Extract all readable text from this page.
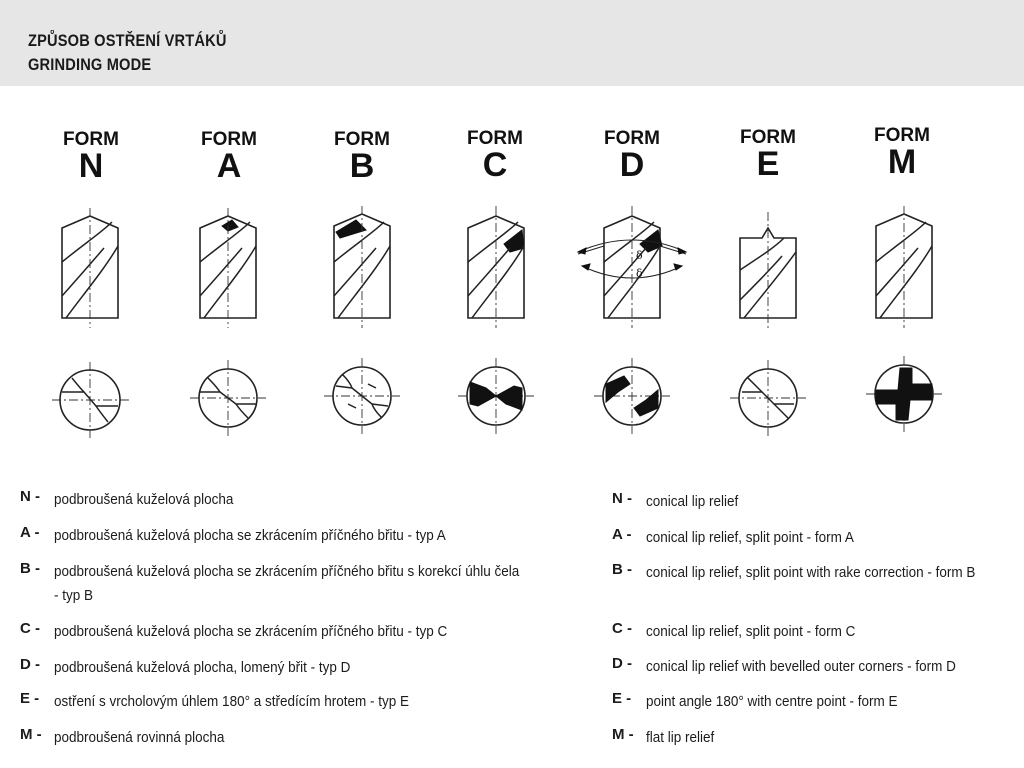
ZPŮSOB OSTŘENÍ VRTÁKŮ
GRINDING MODE
FORM
N
FORM
A
FORM
B
FORM
C
FORM
D
FORM
E
FORM
M
δ
δ
N - podbroušená kuželová plocha
A - podbroušená kuželová plocha se zkrácením příčného břitu - typ A
B - podbroušená kuželová plocha se zkrácením příčného břitu s korekcí úhlu čela - typ B
C - podbroušená kuželová plocha se zkrácením příčného břitu - typ C
D - podbroušená kuželová plocha, lomený břit - typ D
E - ostření s vrcholovým úhlem 180° a středícím hrotem - typ E
M - podbroušená rovinná plocha
N - conical lip relief
A - conical lip relief, split point - form A
B - conical lip relief, split point with rake correction - form B
C - conical lip relief, split point - form C
D - conical lip relief with bevelled outer corners - form D
E - point angle 180° with centre point - form E
M - flat lip relief
